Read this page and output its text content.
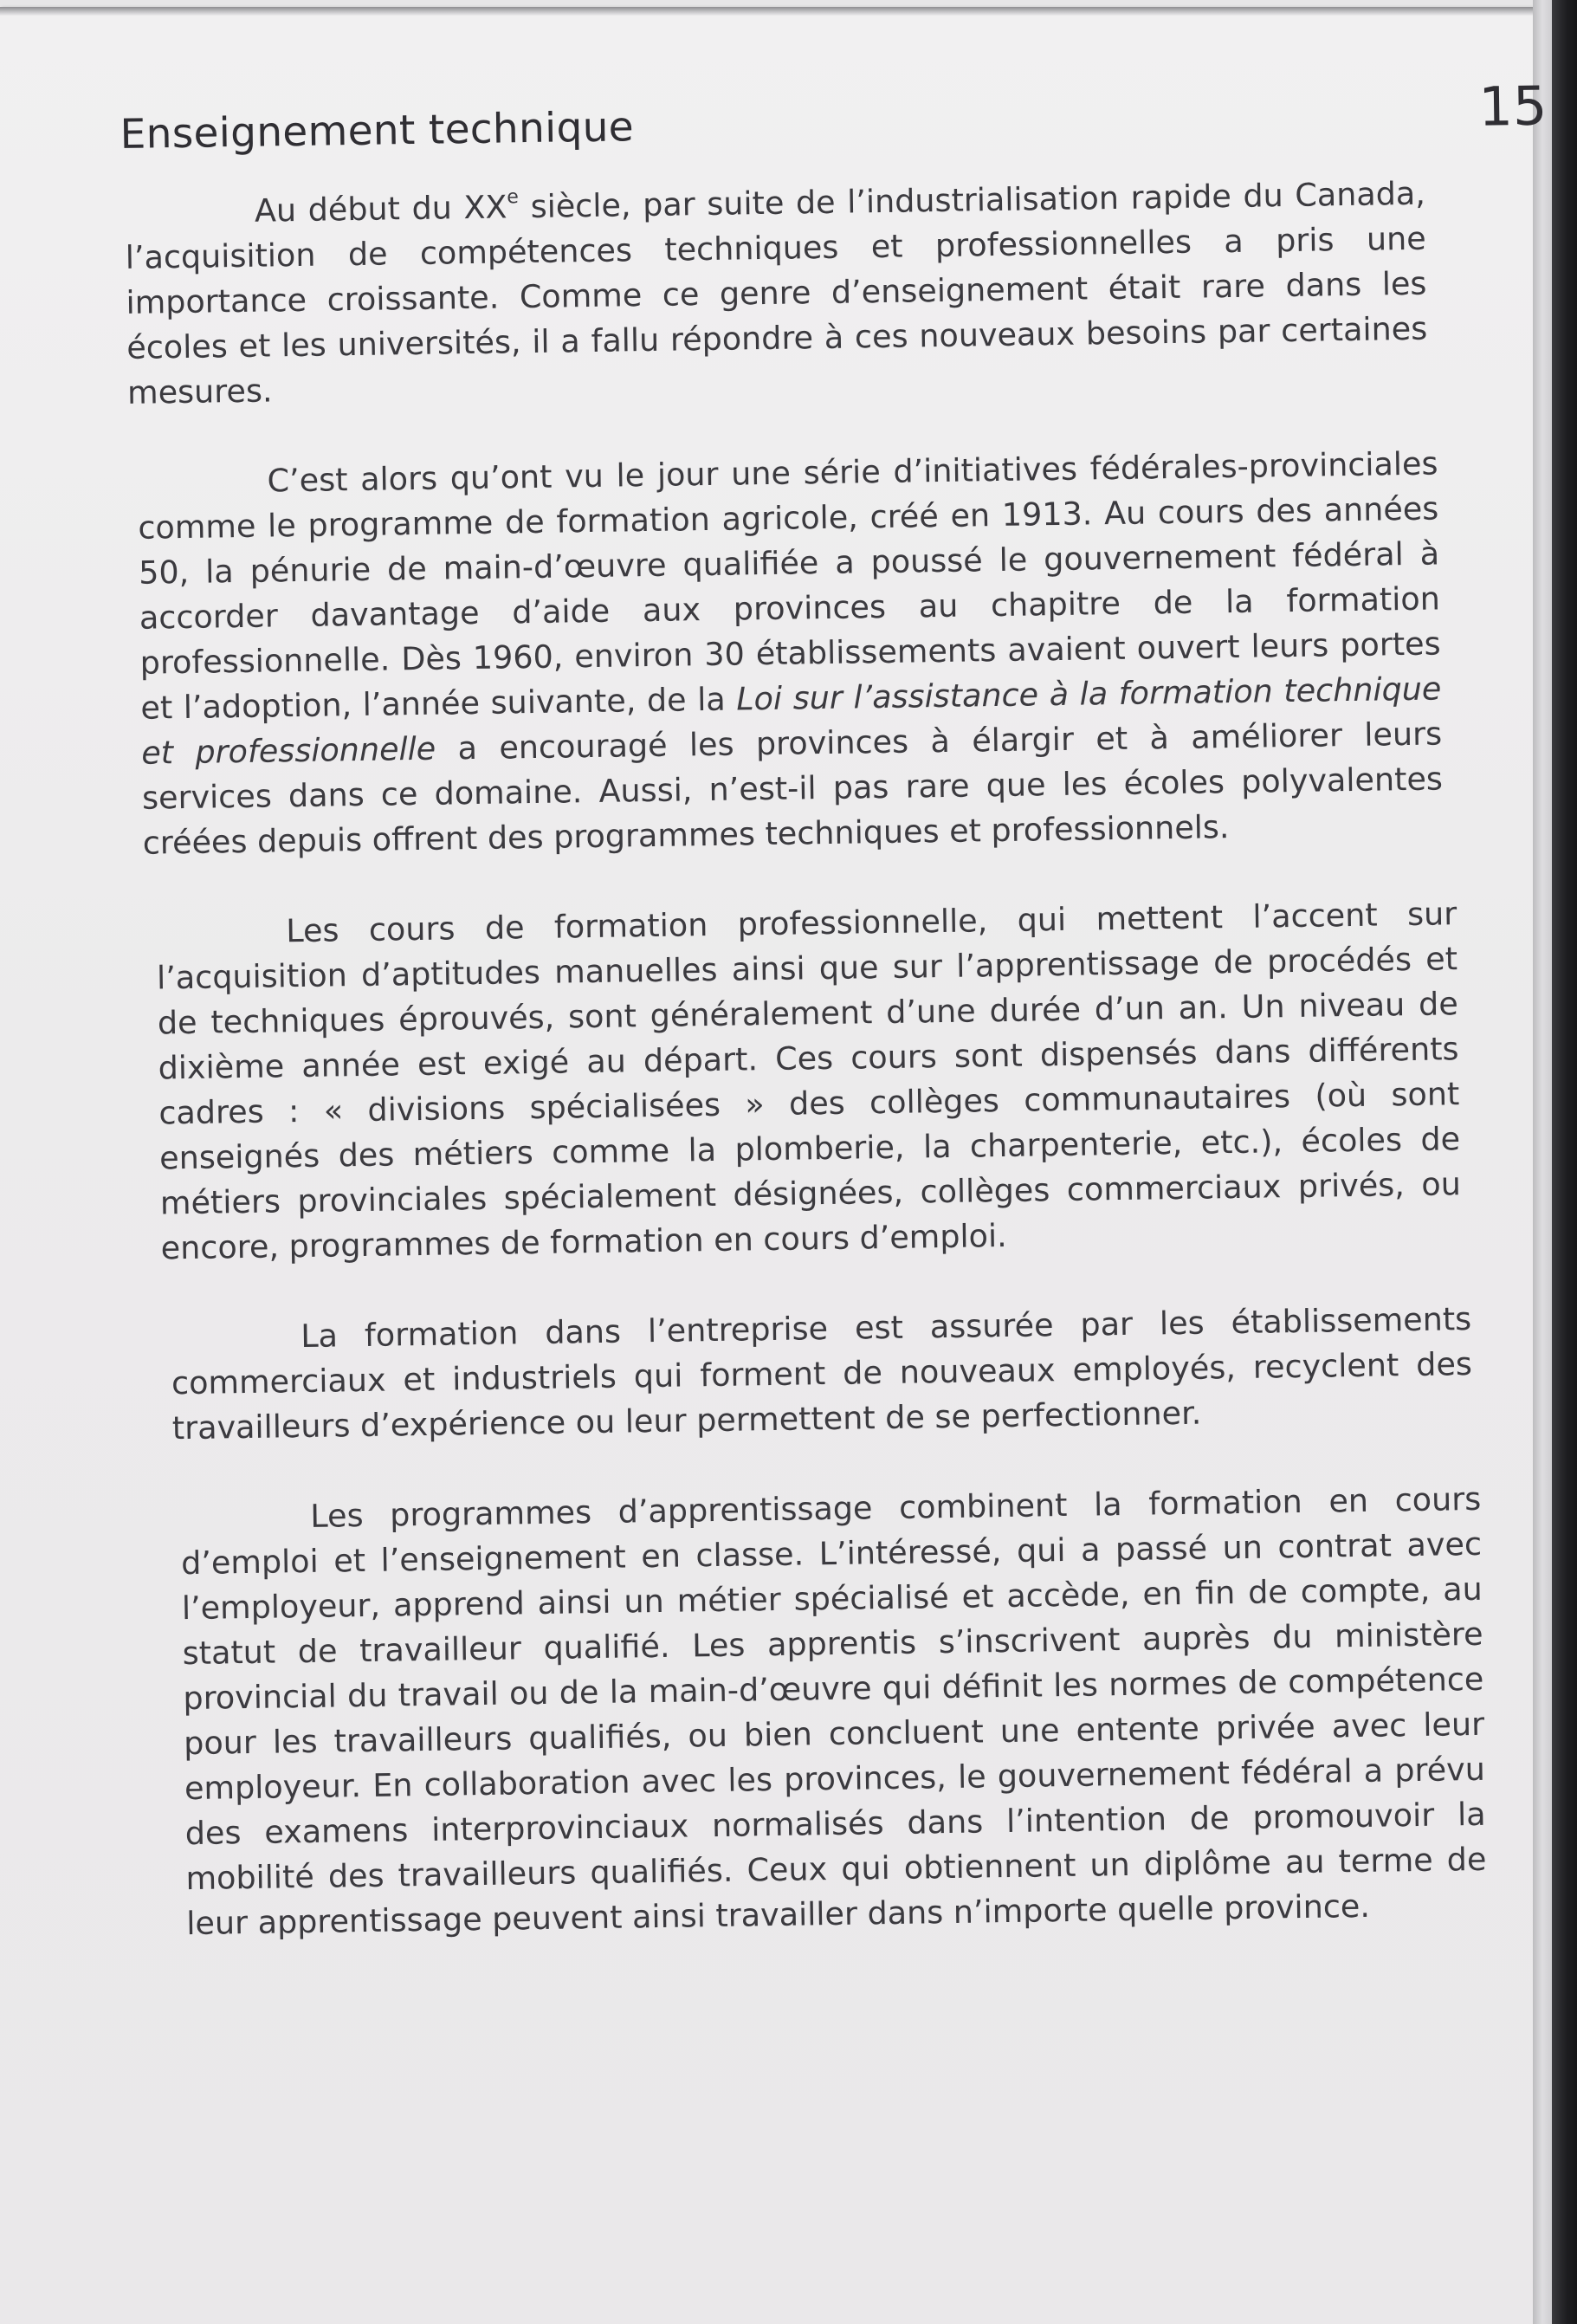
Enseignement technique	15

Au début du XXe siècle, par suite de l’industrialisation rapide du Canada, l’acquisition de compétences techniques et professionnelles a pris une importance croissante. Comme ce genre d’enseignement était rare dans les écoles et les universités, il a fallu répondre à ces nouveaux besoins par certaines mesures.

C’est alors qu’ont vu le jour une série d’initiatives fédérales-provinciales comme le programme de formation agricole, créé en 1913. Au cours des années 50, la pénurie de main-d’œuvre qualifiée a poussé le gouvernement fédéral à accorder davantage d’aide aux provinces au chapitre de la formation professionnelle. Dès 1960, environ 30 établissements avaient ouvert leurs portes et l’adoption, l’année suivante, de la Loi sur l’assistance à la formation technique et professionnelle a encouragé les provinces à élargir et à améliorer leurs services dans ce domaine. Aussi, n’est-il pas rare que les écoles polyvalentes créées depuis offrent des programmes techniques et professionnels.

Les cours de formation professionnelle, qui mettent l’accent sur l’acquisition d’aptitudes manuelles ainsi que sur l’apprentissage de procédés et de techniques éprouvés, sont généralement d’une durée d’un an. Un niveau de dixième année est exigé au départ. Ces cours sont dispensés dans différents cadres : « divisions spécialisées » des collèges communautaires (où sont enseignés des métiers comme la plomberie, la charpenterie, etc.), écoles de métiers provinciales spécialement désignées, collèges commerciaux privés, ou encore, programmes de formation en cours d’emploi.

La formation dans l’entreprise est assurée par les établissements commerciaux et industriels qui forment de nouveaux employés, recyclent des travailleurs d’expérience ou leur permettent de se perfectionner.

Les programmes d’apprentissage combinent la formation en cours d’emploi et l’enseignement en classe. L’intéressé, qui a passé un contrat avec l’employeur, apprend ainsi un métier spécialisé et accède, en fin de compte, au statut de travailleur qualifié. Les apprentis s’inscrivent auprès du ministère provincial du travail ou de la main-d’œuvre qui définit les normes de compétence pour les travailleurs qualifiés, ou bien concluent une entente privée avec leur employeur. En collaboration avec les provinces, le gouvernement fédéral a prévu des examens interprovinciaux normalisés dans l’intention de promouvoir la mobilité des travailleurs qualifiés. Ceux qui obtiennent un diplôme au terme de leur apprentissage peuvent ainsi travailler dans n’importe quelle province.
